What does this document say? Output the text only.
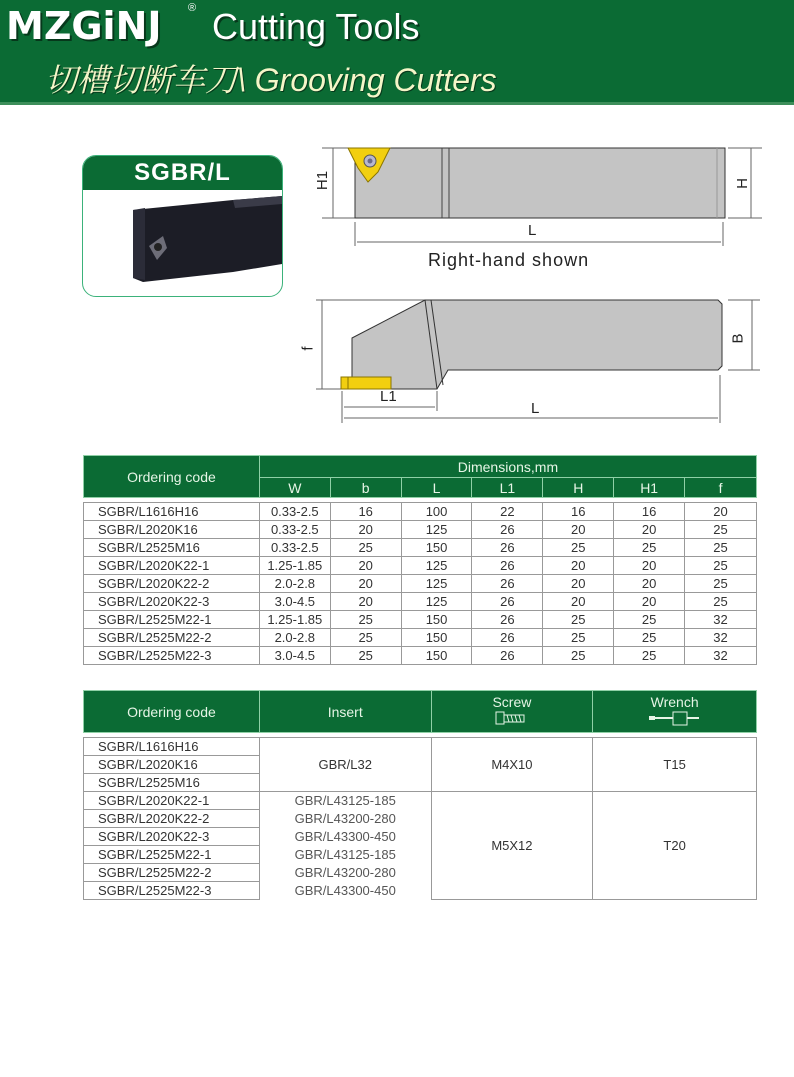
MZGiNJ ® Cutting Tools
切槽切断车刀\ Grooving Cutters
SGBR/L	H1	H
L
Right-hand shown
f
B
L1
L
Ordering code	Dimensions,mm						
	W	b	L	L1	H	H1	f

SGBR/L1616H16	0.33-2.5	16	100	22	16	16	20
SGBR/L2020K16	0.33-2.5	20	125	26	20	20	25
SGBR/L2525M16	0.33-2.5	25	150	26	25	25	25
SGBR/L2020K22-1	1.25-1.85	20	125	26	20	20	25
SGBR/L2020K22-2	2.0-2.8	20	125	26	20	20	25
SGBR/L2020K22-3	3.0-4.5	20	125	26	20	20	25
SGBR/L2525M22-1	1.25-1.85	25	150	26	25	25	32
SGBR/L2525M22-2	2.0-2.8	25	150	26	25	25	32
SGBR/L2525M22-3	3.0-4.5	25	150	26	25	25	32
Ordering code	Insert	Screw	Wrench

SGBR/L1616H16	GBR/L32	M4X10	T15
SGBR/L2020K16			
SGBR/L2525M16			
SGBR/L2020K22-1	GBR/L43125-185	M5X12	T20
SGBR/L2020K22-2	GBR/L43200-280		
SGBR/L2020K22-3	GBR/L43300-450		
SGBR/L2525M22-1	GBR/L43125-185		
SGBR/L2525M22-2	GBR/L43200-280		
SGBR/L2525M22-3	GBR/L43300-450		
